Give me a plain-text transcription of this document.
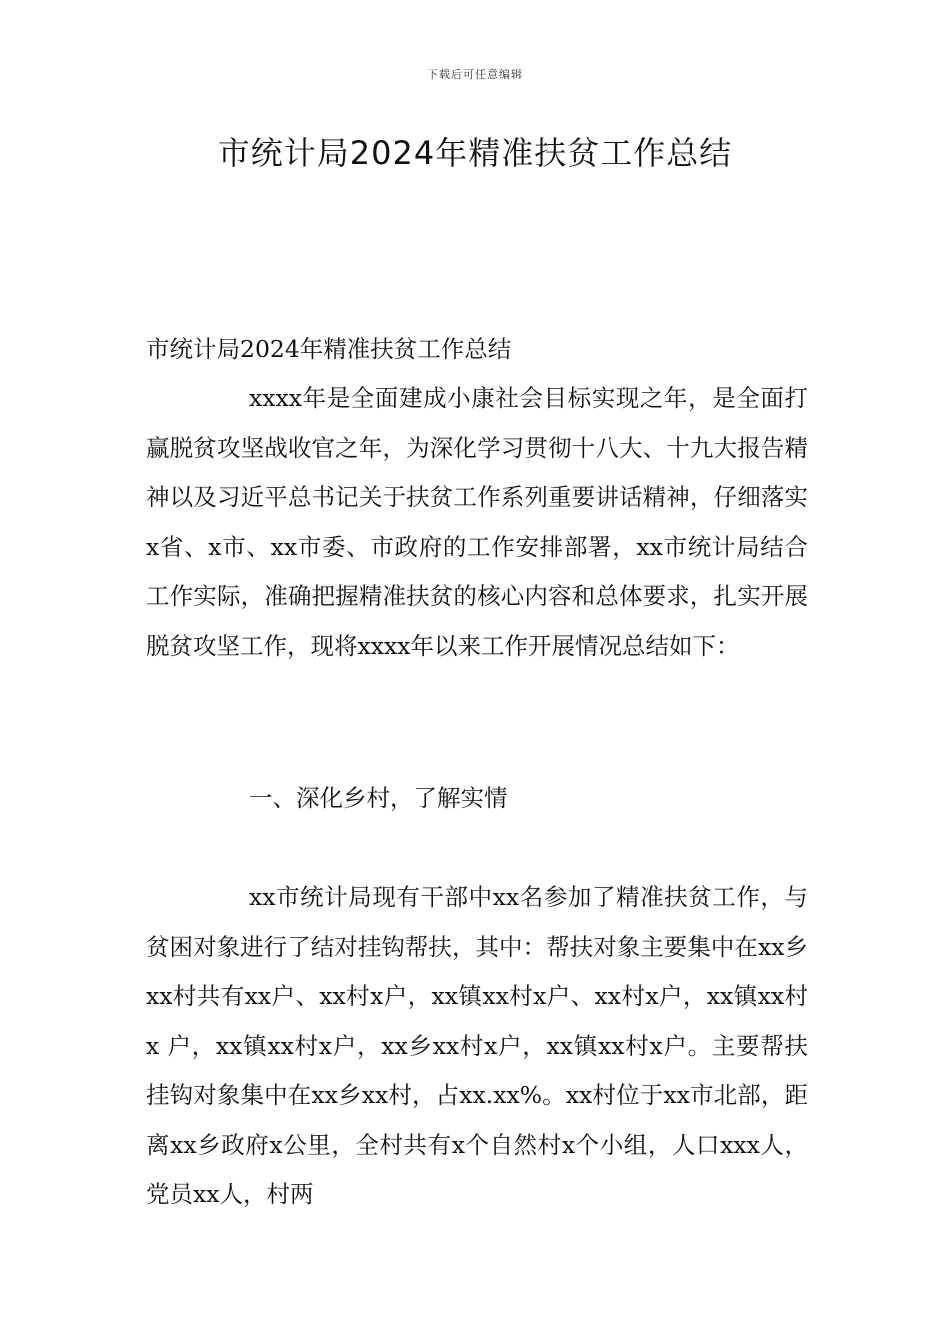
下载后可任意编辑
市统计局2024年精准扶贫工作总结

市统计局2024年精准扶贫工作总结

xxxx年是全面建成小康社会目标实现之年，是全面打赢脱贫攻坚战收官之年，为深化学习贯彻十八大、十九大报告精神以及习近平总书记关于扶贫工作系列重要讲话精神，仔细落实x省、x市、xx市委、市政府的工作安排部署，xx市统计局结合工作实际，准确把握精准扶贫的核心内容和总体要求，扎实开展脱贫攻坚工作，现将xxxx年以来工作开展情况总结如下：

一、深化乡村，了解实情

xx市统计局现有干部中xx名参加了精准扶贫工作，与贫困对象进行了结对挂钩帮扶，其中：帮扶对象主要集中在xx乡xx村共有xx户、xx村x户，xx镇xx村x户、xx村x户，xx镇xx村x 户，xx镇xx村x户，xx乡xx村x户，xx镇xx村x户。主要帮扶挂钩对象集中在xx乡xx村，占xx.xx%。xx村位于xx市北部，距离xx乡政府x公里，全村共有x个自然村x个小组，人口xxx人，党员xx人，村两
